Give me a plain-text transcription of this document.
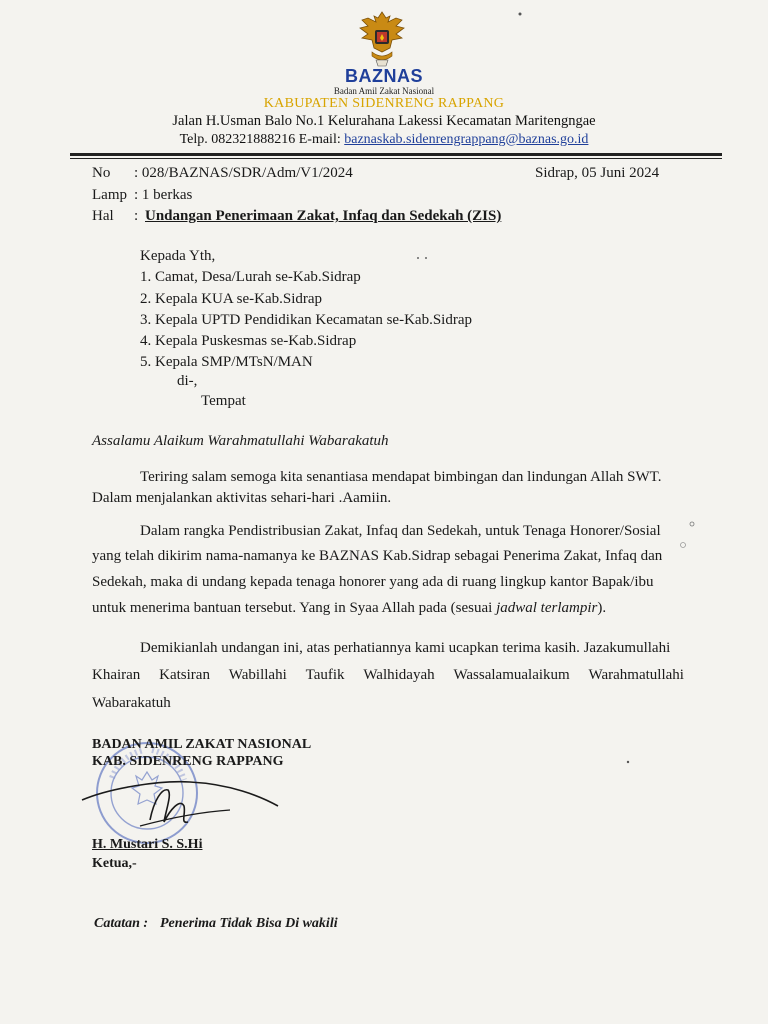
BAZNAS
Badan Amil Zakat Nasional
KABUPATEN SIDENRENG RAPPANG
Jalan H.Usman Balo No.1 Kelurahana Lakessi Kecamatan Maritengngae
Telp. 082321888216 E-mail: baznaskab.sidenrengrappang@baznas.go.id
No : 028/BAZNAS/SDR/Adm/V1/2024	Sidrap, 05 Juni 2024
Lamp : 1 berkas
Hal : Undangan Penerimaan Zakat, Infaq dan Sedekah (ZIS)
Kepada Yth,
1. Camat, Desa/Lurah se-Kab.Sidrap
2. Kepala KUA se-Kab.Sidrap
3. Kepala UPTD Pendidikan Kecamatan se-Kab.Sidrap
4. Kepala Puskesmas se-Kab.Sidrap
5. Kepala SMP/MTsN/MAN
di-,
Tempat
Assalamu Alaikum Warahmatullahi Wabarakatuh
Teriring salam semoga kita senantiasa mendapat bimbingan dan lindungan Allah SWT.
Dalam menjalankan aktivitas sehari-hari .Aamiin.
Dalam rangka Pendistribusian Zakat, Infaq dan Sedekah, untuk Tenaga Honorer/Sosial
yang telah dikirim nama-namanya ke BAZNAS Kab.Sidrap sebagai Penerima Zakat, Infaq dan
Sedekah, maka di undang kepada tenaga honorer yang ada di ruang lingkup kantor Bapak/ibu
untuk menerima bantuan tersebut. Yang in Syaa Allah pada (sesuai jadwal terlampir).
Demikianlah undangan ini, atas perhatiannya kami ucapkan terima kasih. Jazakumullahi
Khairan Katsiran Wabillahi Taufik Walhidayah Wassalamualaikum Warahmatullahi
Wabarakatuh
BADAN AMIL ZAKAT NASIONAL
KAB. SIDENRENG RAPPANG
H. Mustari S. S.Hi
Ketua,-
Catatan : Penerima Tidak Bisa Di wakili
